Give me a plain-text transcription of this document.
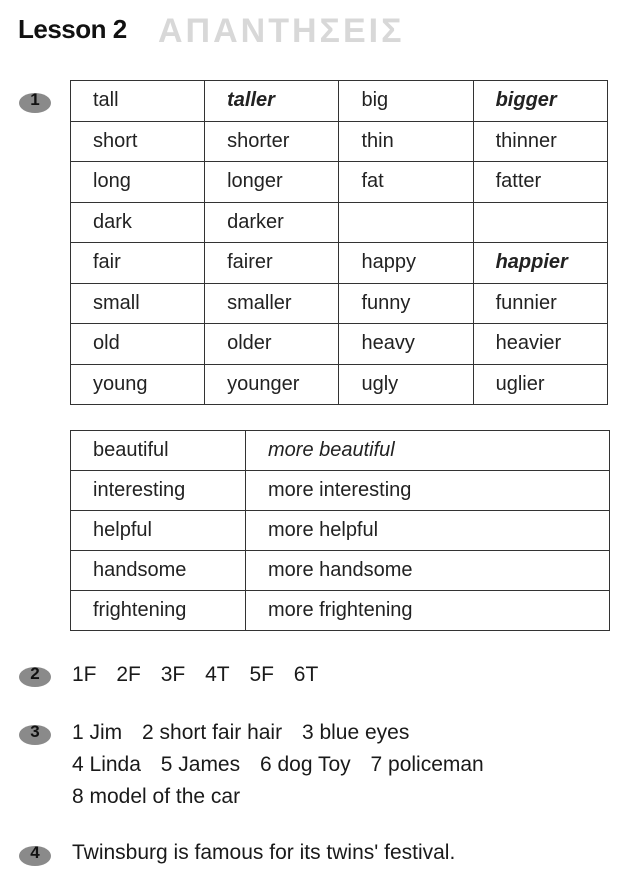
Lesson 2 ΑΠΑΝΤΗΣΕΙΣ
1	tall	taller	big	bigger
short	shorter	thin	thinner
long	longer	fat	fatter
dark	darker		
fair	fairer	happy	happier
small	smaller	funny	funnier
old	older	heavy	heavier
young	younger	ugly	uglier
beautiful	more beautiful
interesting	more interesting
helpful	more helpful
handsome	more handsome
frightening	more frightening
2	1F 2F 3F 4T 5F 6T
3	1 Jim 2 short fair hair 3 blue eyes
4 Linda 5 James 6 dog Toy 7 policeman
8 model of the car
4	Twinsburg is famous for its twins' festival.
